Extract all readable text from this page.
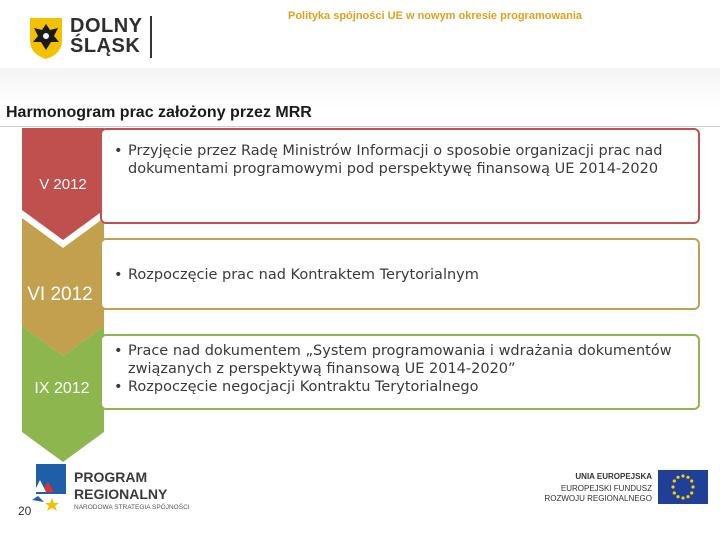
DOLNY
ŚLĄSK
Polityka spójności UE w nowym okresie programowania
Harmonogram prac założony przez MRR
V 2012
VI 2012
IX 2012
• Przyjęcie przez Radę Ministrów Informacji o sposobie organizacji prac nad dokumentami programowymi pod perspektywę finansową UE 2014-2020
• Rozpoczęcie prac nad Kontraktem Terytorialnym
• Prace nad dokumentem „System programowania i wdrażania dokumentów związanych z perspektywą finansową UE 2014-2020”
• Rozpoczęcie negocjacji Kontraktu Terytorialnego
20
PROGRAM
REGIONALNY
NARODOWA STRATEGIA SPÓJNOŚCI
UNIA EUROPEJSKA
EUROPEJSKI FUNDUSZ
ROZWOJU REGIONALNEGO
